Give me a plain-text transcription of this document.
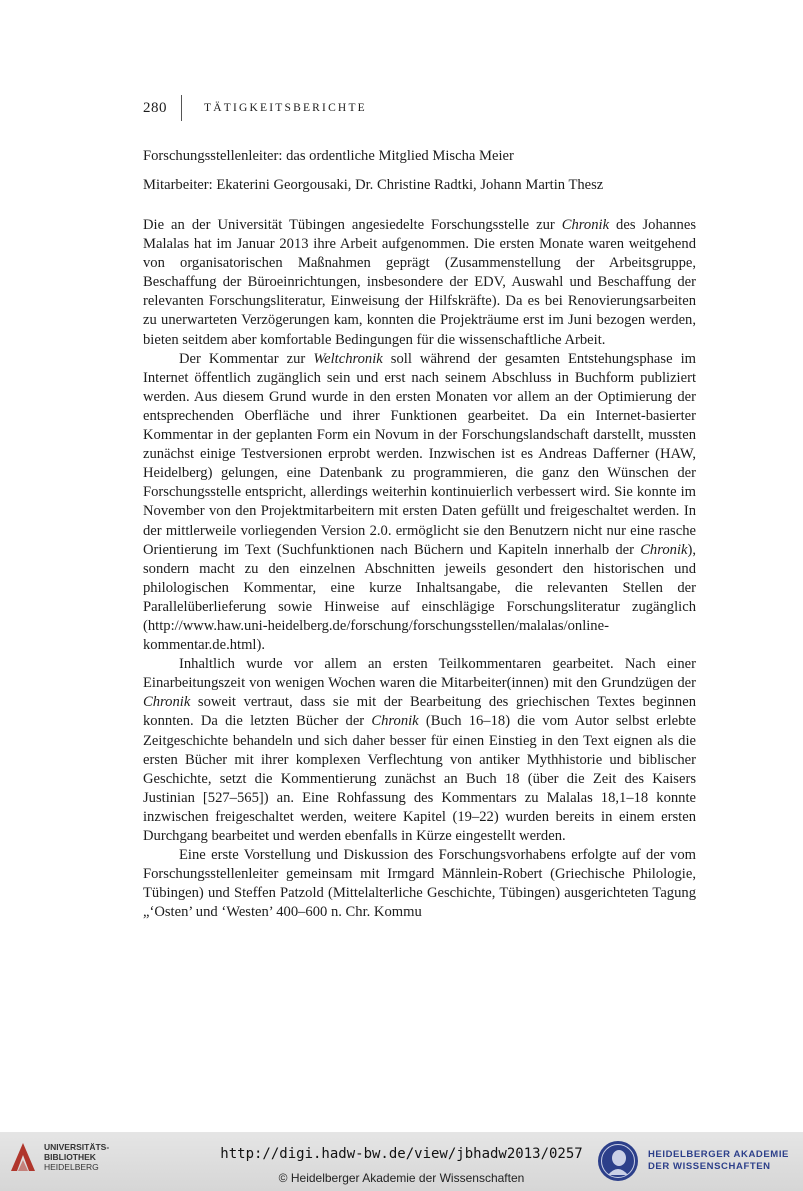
280	TÄTIGKEITSBERICHTE

Forschungsstellenleiter: das ordentliche Mitglied Mischa Meier

Mitarbeiter: Ekaterini Georgousaki, Dr. Christine Radtki, Johann Martin Thesz

Die an der Universität Tübingen angesiedelte Forschungsstelle zur Chronik des Johannes Malalas hat im Januar 2013 ihre Arbeit aufgenommen. Die ersten Monate waren weitgehend von organisatorischen Maßnahmen geprägt (Zusammenstellung der Arbeitsgruppe, Beschaffung der Büroeinrichtungen, insbesondere der EDV, Auswahl und Beschaffung der relevanten Forschungsliteratur, Einweisung der Hilfskräfte). Da es bei Renovierungsarbeiten zu unerwarteten Verzögerungen kam, konnten die Projekträume erst im Juni bezogen werden, bieten seitdem aber komfortable Bedingungen für die wissenschaftliche Arbeit.

Der Kommentar zur Weltchronik soll während der gesamten Entstehungsphase im Internet öffentlich zugänglich sein und erst nach seinem Abschluss in Buchform publiziert werden. Aus diesem Grund wurde in den ersten Monaten vor allem an der Optimierung der entsprechenden Oberfläche und ihrer Funktionen gearbeitet. Da ein Internet-basierter Kommentar in der geplanten Form ein Novum in der Forschungslandschaft darstellt, mussten zunächst einige Testversionen erprobt werden. Inzwischen ist es Andreas Dafferner (HAW, Heidelberg) gelungen, eine Datenbank zu programmieren, die ganz den Wünschen der Forschungsstelle entspricht, allerdings weiterhin kontinuierlich verbessert wird. Sie konnte im November von den Projektmitarbeitern mit ersten Daten gefüllt und freigeschaltet werden. In der mittlerweile vorliegenden Version 2.0. ermöglicht sie den Benutzern nicht nur eine rasche Orientierung im Text (Suchfunktionen nach Büchern und Kapiteln innerhalb der Chronik), sondern macht zu den einzelnen Abschnitten jeweils gesondert den historischen und philologischen Kommentar, eine kurze Inhaltsangabe, die relevanten Stellen der Parallelüberlieferung sowie Hinweise auf einschlägige Forschungsliteratur zugänglich (http://www.haw.uni-heidelberg.de/forschung/forschungsstellen/malalas/online-kommentar.de.html).

Inhaltlich wurde vor allem an ersten Teilkommentaren gearbeitet. Nach einer Einarbeitungszeit von wenigen Wochen waren die Mitarbeiter(innen) mit den Grundzügen der Chronik soweit vertraut, dass sie mit der Bearbeitung des griechischen Textes beginnen konnten. Da die letzten Bücher der Chronik (Buch 16–18) die vom Autor selbst erlebte Zeitgeschichte behandeln und sich daher besser für einen Einstieg in den Text eignen als die ersten Bücher mit ihrer komplexen Verflechtung von antiker Mythhistorie und biblischer Geschichte, setzt die Kommentierung zunächst an Buch 18 (über die Zeit des Kaisers Justinian [527–565]) an. Eine Rohfassung des Kommentars zu Malalas 18,1–18 konnte inzwischen freigeschaltet werden, weitere Kapitel (19–22) wurden bereits in einem ersten Durchgang bearbeitet und werden ebenfalls in Kürze eingestellt werden.

Eine erste Vorstellung und Diskussion des Forschungsvorhabens erfolgte auf der vom Forschungsstellenleiter gemeinsam mit Irmgard Männlein-Robert (Griechische Philologie, Tübingen) und Steffen Patzold (Mittelalterliche Geschichte, Tübingen) ausgerichteten Tagung „‘Osten’ und ‘Westen’ 400–600 n. Chr. Kommu

UNIVERSITÄTS-
BIBLIOTHEK
HEIDELBERG
http://digi.hadw-bw.de/view/jbhadw2013/0257
© Heidelberger Akademie der Wissenschaften
HEIDELBERGER AKADEMIE
DER WISSENSCHAFTEN
